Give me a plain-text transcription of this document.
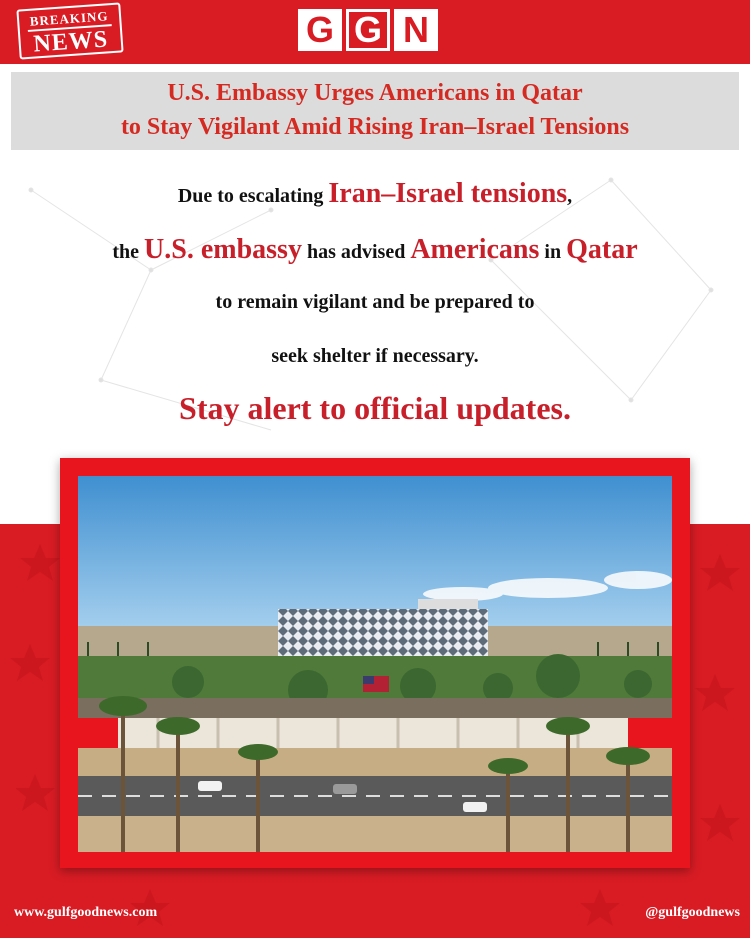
BREAKING
NEWS	G G N
U.S. Embassy Urges Americans in Qatar
to Stay Vigilant Amid Rising Iran–Israel Tensions
Due to escalating Iran–Israel tensions,
the U.S. embassy has advised Americans in Qatar
to remain vigilant and be prepared to
seek shelter if necessary.
Stay alert to official updates.
www.gulfgoodnews.com	@gulfgoodnews
